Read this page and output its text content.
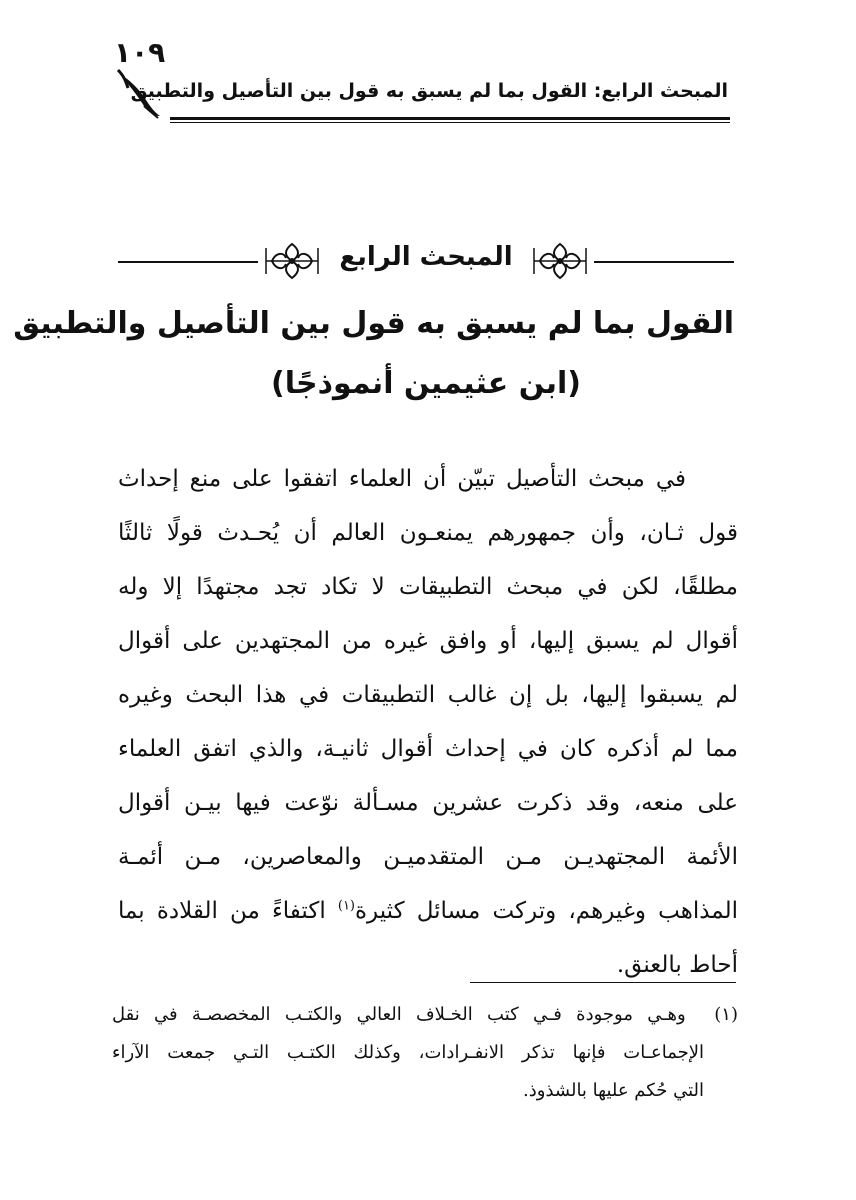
١٠٩
المبحث الرابع: القول بما لم يسبق به قول بين التأصيل والتطبيق
المبحث الرابع
القول بما لم يسبق به قول بين التأصيل والتطبيق
(ابن عثيمين أنموذجًا)
في مبحث التأصيل تبيّن أن العلماء اتفقوا على منع إحداث
قول ثـان، وأن جمهورهم يمنعـون العالم أن يُحـدث قولًا ثالثًا
مطلقًا، لكن في مبحث التطبيقات لا تكاد تجد مجتهدًا إلا وله
أقوال لم يسبق إليها، أو وافق غيره من المجتهدين على أقوال
لم يسبقوا إليها، بل إن غالب التطبيقات في هذا البحث وغيره
مما لم أذكره كان في إحداث أقوال ثانيـة، والذي اتفق العلماء
على منعه، وقد ذكرت عشرين مسـألة نوّعت فيها بيـن أقوال
الأئمة المجتهديـن مـن المتقدميـن والمعاصرين، مـن أئمـة
المذاهب وغيرهم، وتركت مسائل كثيرة$^{(١)}$ اكتفاءً من القلادة بما
أحاط بالعنق.
(١)  وهـي موجودة فـي كتب الخـلاف العالي والكتـب المخصصـة في نقل
الإجماعـات فإنها تذكر الانفـرادات، وكذلك الكتـب التـي جمعت الآراء
التي حُكم عليها بالشذوذ.
